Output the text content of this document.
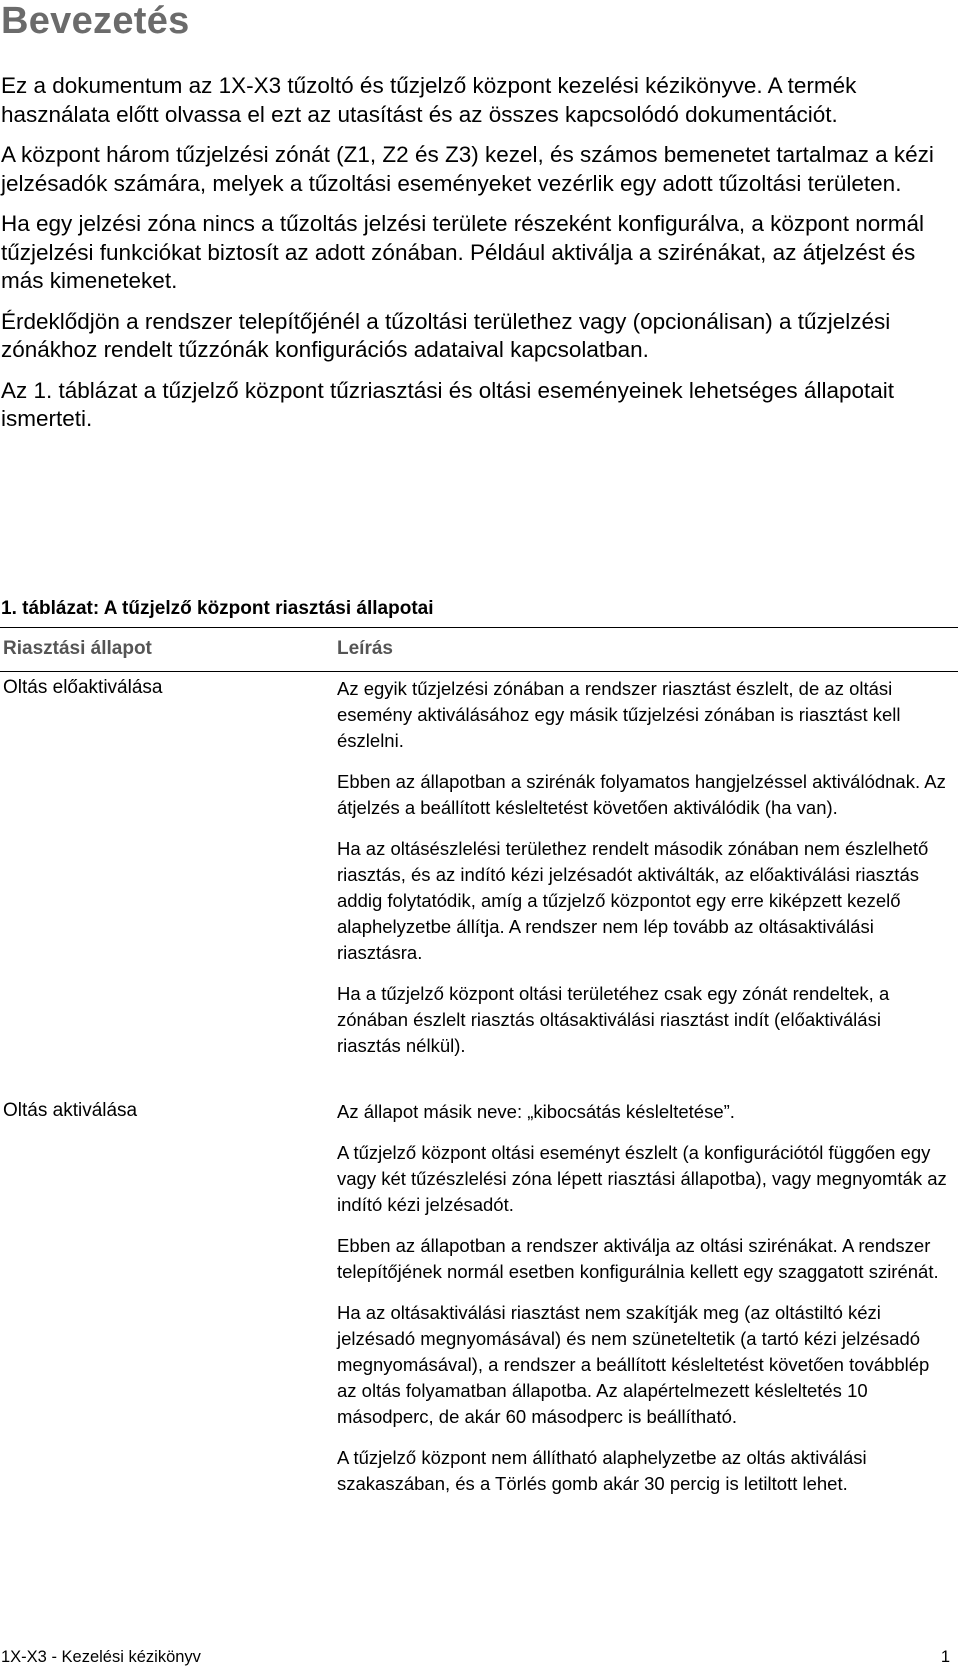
Bevezetés

Ez a dokumentum az 1X-X3 tűzoltó és tűzjelző központ kezelési kézikönyve. A termék használata előtt olvassa el ezt az utasítást és az összes kapcsolódó dokumentációt.

A központ három tűzjelzési zónát (Z1, Z2 és Z3) kezel, és számos bemenetet tartalmaz a kézi jelzésadók számára, melyek a tűzoltási eseményeket vezérlik egy adott tűzoltási területen.

Ha egy jelzési zóna nincs a tűzoltás jelzési területe részeként konfigurálva, a központ normál tűzjelzési funkciókat biztosít az adott zónában. Például aktiválja a szirénákat, az átjelzést és más kimeneteket.

Érdeklődjön a rendszer telepítőjénél a tűzoltási területhez vagy (opcionálisan) a tűzjelzési zónákhoz rendelt tűzzónák konfigurációs adataival kapcsolatban.

Az 1. táblázat a tűzjelző központ tűzriasztási és oltási eseményeinek lehetséges állapotait ismerteti.

1. táblázat: A tűzjelző központ riasztási állapotai
Riasztási állapot	Leírás
Oltás előaktiválása	Az egyik tűzjelzési zónában a rendszer riasztást észlelt, de az oltási esemény aktiválásához egy másik tűzjelzési zónában is riasztást kell észlelni.

Ebben az állapotban a szirénák folyamatos hangjelzéssel aktiválódnak. Az átjelzés a beállított késleltetést követően aktiválódik (ha van).

Ha az oltásészlelési területhez rendelt második zónában nem észlelhető riasztás, és az indító kézi jelzésadót aktiválták, az előaktiválási riasztás addig folytatódik, amíg a tűzjelző központot egy erre kiképzett kezelő alaphelyzetbe állítja. A rendszer nem lép tovább az oltásaktiválási riasztásra.

Ha a tűzjelző központ oltási területéhez csak egy zónát rendeltek, a zónában észlelt riasztás oltásaktiválási riasztást indít (előaktiválási riasztás nélkül).

Oltás aktiválása	Az állapot másik neve: „kibocsátás késleltetése”.

A tűzjelző központ oltási eseményt észlelt (a konfigurációtól függően egy vagy két tűzészlelési zóna lépett riasztási állapotba), vagy megnyomták az indító kézi jelzésadót.

Ebben az állapotban a rendszer aktiválja az oltási szirénákat. A rendszer telepítőjének normál esetben konfigurálnia kellett egy szaggatott szirénát.

Ha az oltásaktiválási riasztást nem szakítják meg (az oltástiltó kézi jelzésadó megnyomásával) és nem szüneteltetik (a tartó kézi jelzésadó megnyomásával), a rendszer a beállított késleltetést követően továbblép az oltás folyamatban állapotba. Az alapértelmezett késleltetés 10 másodperc, de akár 60 másodperc is beállítható.

A tűzjelző központ nem állítható alaphelyzetbe az oltás aktiválási szakaszában, és a Törlés gomb akár 30 percig is letiltott lehet.

1X-X3 - Kezelési kézikönyv	1
